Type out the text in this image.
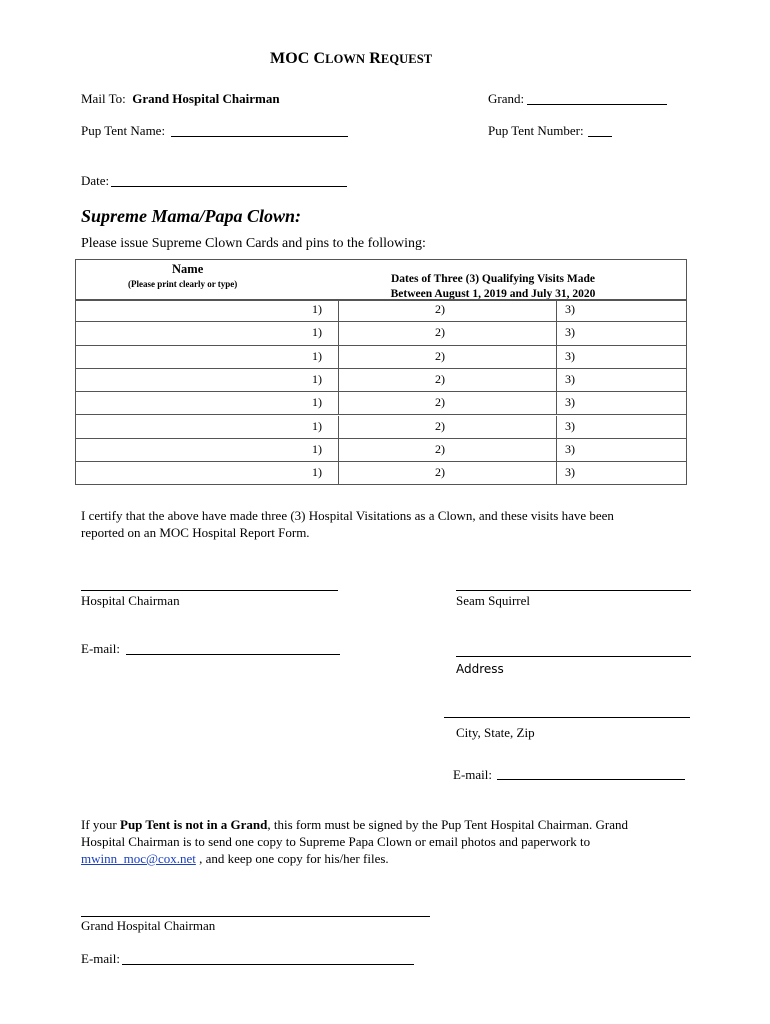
MOC CLOWN REQUEST
Mail To: Grand Hospital Chairman	Grand:
Pup Tent Name:	Pup Tent Number:
Date:
Supreme Mama/Papa Clown:
Please issue Supreme Clown Cards and pins to the following:
Name
(Please print clearly or type)	Dates of Three (3) Qualifying Visits Made
Between August 1, 2019 and July 31, 2020
1)	2)	3)
1)	2)	3)
1)	2)	3)
1)	2)	3)
1)	2)	3)
1)	2)	3)
1)	2)	3)
1)	2)	3)
I certify that the above have made three (3) Hospital Visitations as a Clown, and these visits have been
reported on an MOC Hospital Report Form.
Hospital Chairman	Seam Squirrel
E-mail:
Address
City, State, Zip
E-mail:
If your Pup Tent is not in a Grand, this form must be signed by the Pup Tent Hospital Chairman. Grand
Hospital Chairman is to send one copy to Supreme Papa Clown or email photos and paperwork to
mwinn_moc@cox.net , and keep one copy for his/her files.
Grand Hospital Chairman
E-mail:
